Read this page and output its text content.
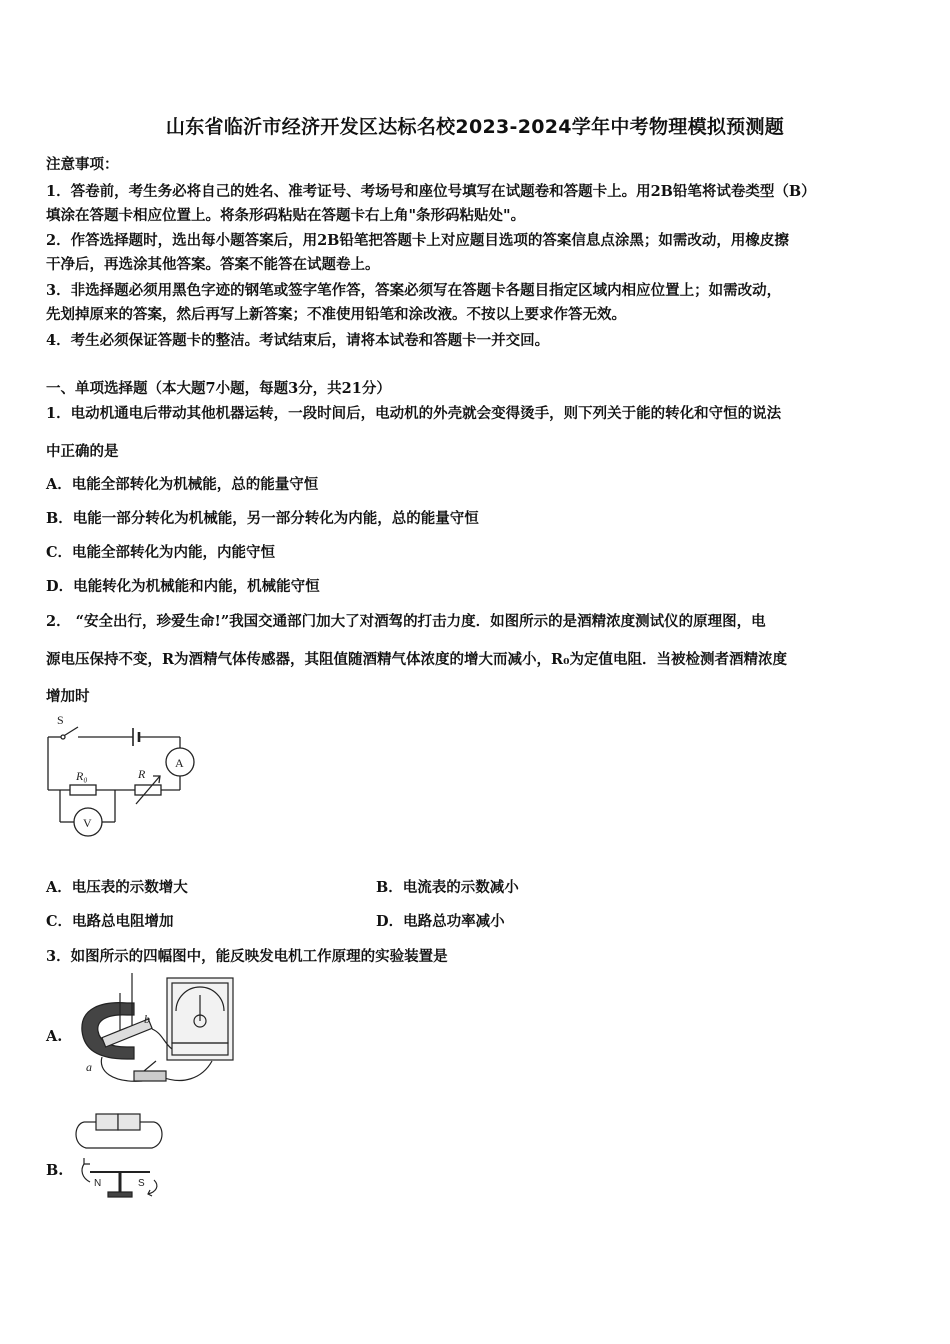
山东省临沂市经济开发区达标名校2023-2024学年中考物理模拟预测题
注意事项：
1．答卷前，考生务必将自己的姓名、准考证号、考场号和座位号填写在试题卷和答题卡上。用2B铅笔将试卷类型（B）
填涂在答题卡相应位置上。将条形码粘贴在答题卡右上角"条形码粘贴处"。
2．作答选择题时，选出每小题答案后，用2B铅笔把答题卡上对应题目选项的答案信息点涂黑；如需改动，用橡皮擦
干净后，再选涂其他答案。答案不能答在试题卷上。
3．非选择题必须用黑色字迹的钢笔或签字笔作答，答案必须写在答题卡各题目指定区域内相应位置上；如需改动，
先划掉原来的答案，然后再写上新答案；不准使用铅笔和涂改液。不按以上要求作答无效。
4．考生必须保证答题卡的整洁。考试结束后，请将本试卷和答题卡一并交回。
一、单项选择题（本大题7小题，每题3分，共21分）
1．电动机通电后带动其他机器运转，一段时间后，电动机的外壳就会变得烫手，则下列关于能的转化和守恒的说法
中正确的是
A．电能全部转化为机械能，总的能量守恒
B．电能一部分转化为机械能，另一部分转化为内能，总的能量守恒
C．电能全部转化为内能，内能守恒
D．电能转化为机械能和内能，机械能守恒
2． “安全出行，珍爱生命!”我国交通部门加大了对酒驾的打击力度．如图所示的是酒精浓度测试仪的原理图，电
源电压保持不变，R为酒精气体传感器，其阻值随酒精气体浓度的增大而减小，R₀为定值电阻．当被检测者酒精浓度
增加时
S
A
V
R₀	R
A．电压表的示数增大	B．电流表的示数减小
C．电路总电阻增加	D．电路总功率减小
3．如图所示的四幅图中，能反映发电机工作原理的实验装置是
A.
b
a
B.
N	S
